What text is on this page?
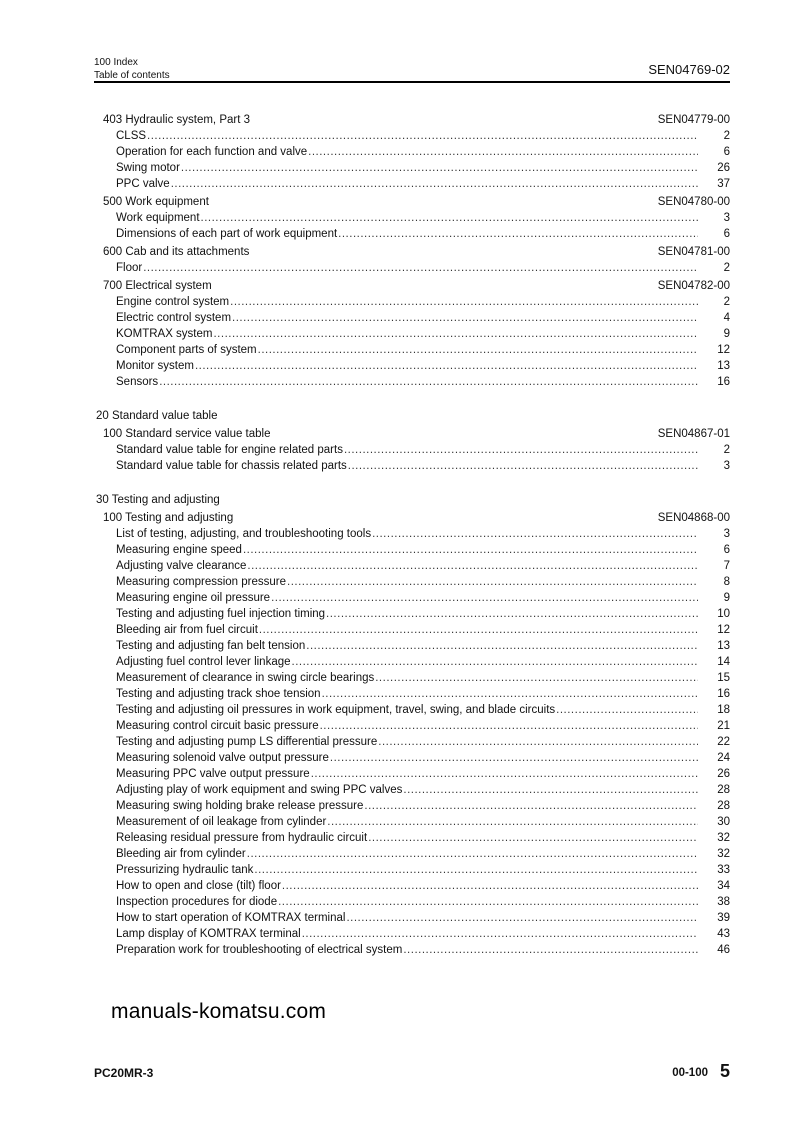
100 Index
Table of contents	SEN04769-02
403 Hydraulic system, Part 3	SEN04779-00
CLSS .....	2
Operation for each function and valve .....	6
Swing motor .....	26
PPC valve .....	37
500 Work equipment	SEN04780-00
Work equipment .....	3
Dimensions of each part of work equipment .....	6
600 Cab and its attachments	SEN04781-00
Floor .....	2
700 Electrical system	SEN04782-00
Engine control system .....	2
Electric control system .....	4
KOMTRAX system .....	9
Component parts of system .....	12
Monitor system .....	13
Sensors .....	16
20 Standard value table
100 Standard service value table	SEN04867-01
Standard value table for engine related parts .....	2
Standard value table for chassis related parts .....	3
30 Testing and adjusting
100 Testing and adjusting	SEN04868-00
List of testing, adjusting, and troubleshooting tools .....	3
Measuring engine speed .....	6
Adjusting valve clearance .....	7
Measuring compression pressure .....	8
Measuring engine oil pressure .....	9
Testing and adjusting fuel injection timing .....	10
Bleeding air from fuel circuit .....	12
Testing and adjusting fan belt tension .....	13
Adjusting fuel control lever linkage .....	14
Measurement of clearance in swing circle bearings .....	15
Testing and adjusting track shoe tension .....	16
Testing and adjusting oil pressures in work equipment, travel, swing, and blade circuits .....	18
Measuring control circuit basic pressure .....	21
Testing and adjusting pump LS differential pressure .....	22
Measuring solenoid valve output pressure .....	24
Measuring PPC valve output pressure .....	26
Adjusting play of work equipment and swing PPC valves .....	28
Measuring swing holding brake release pressure .....	28
Measurement of oil leakage from cylinder .....	30
Releasing residual pressure from hydraulic circuit .....	32
Bleeding air from cylinder .....	32
Pressurizing hydraulic tank .....	33
How to open and close (tilt) floor .....	34
Inspection procedures for diode .....	38
How to start operation of KOMTRAX terminal .....	39
Lamp display of KOMTRAX terminal .....	43
Preparation work for troubleshooting of electrical system .....	46
manuals-komatsu.com
PC20MR-3	00-100 5
